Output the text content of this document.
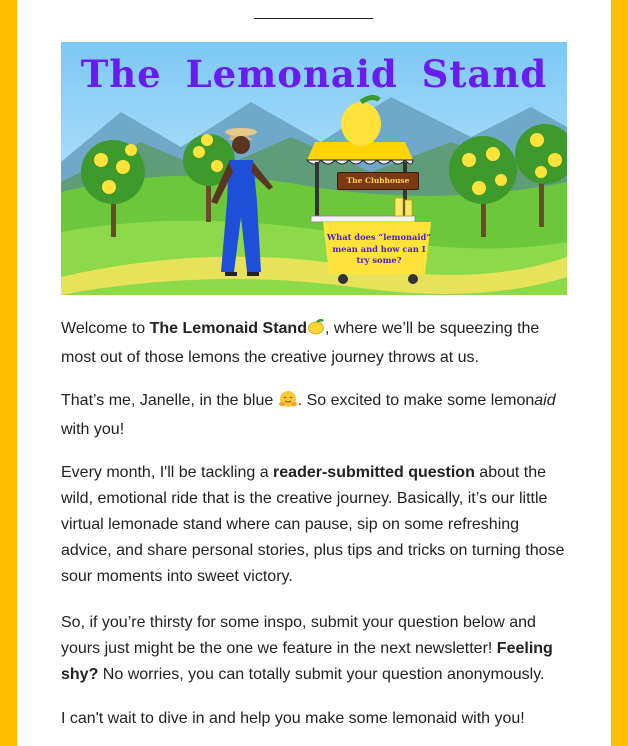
The Lemonaid Stand
The Clubhouse
What does “lemonaid” mean and how can I try some?

Welcome to The Lemonaid Stand , where we’ll be squeezing the most out of those lemons the creative journey throws at us.

That’s me, Janelle, in the blue . So excited to make some lemonaid with you!

Every month, I'll be tackling a reader-submitted question about the wild, emotional ride that is the creative journey. Basically, it’s our little virtual lemonade stand where can pause, sip on some refreshing advice, and share personal stories, plus tips and tricks on turning those sour moments into sweet victory.

So, if you’re thirsty for some inspo, submit your question below and yours just might be the one we feature in the next newsletter! Feeling shy? No worries, you can totally submit your question anonymously.

I can't wait to dive in and help you make some lemonaid with you!
